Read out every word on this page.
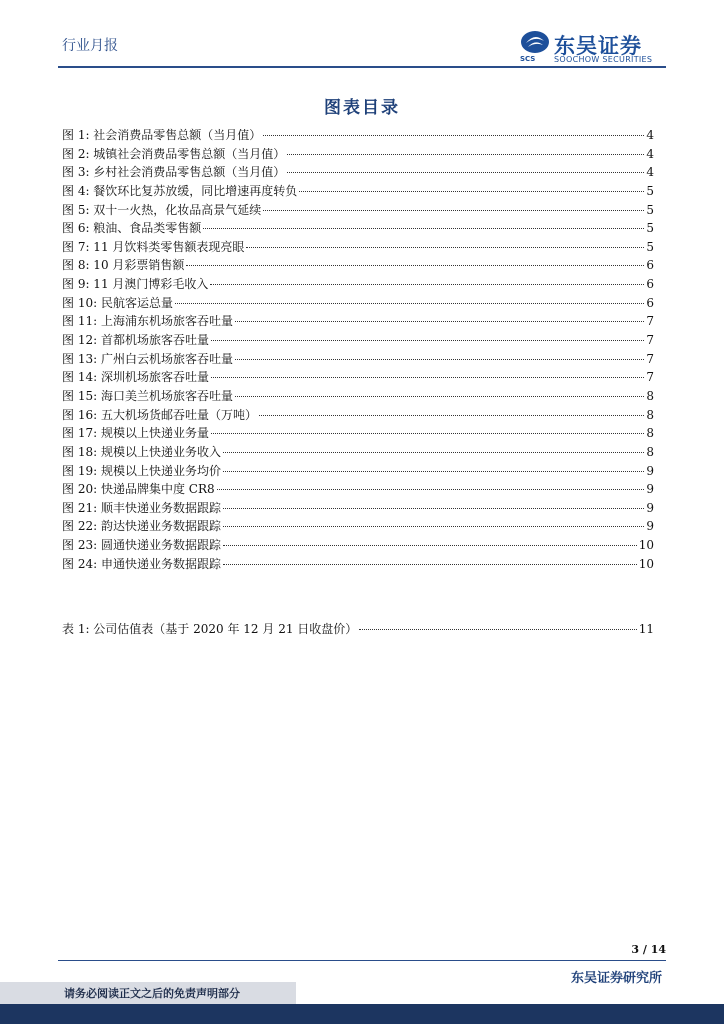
行业月报
SCS
东吴证券
SOOCHOW SECURITIES
图表目录
图 1: 社会消费品零售总额（当月值）	4
图 2: 城镇社会消费品零售总额（当月值）	4
图 3: 乡村社会消费品零售总额（当月值）	4
图 4: 餐饮环比复苏放缓，同比增速再度转负	5
图 5: 双十一火热，化妆品高景气延续	5
图 6: 粮油、食品类零售额	5
图 7: 11 月饮料类零售额表现亮眼	5
图 8: 10 月彩票销售额	6
图 9: 11 月澳门博彩毛收入	6
图 10: 民航客运总量	6
图 11: 上海浦东机场旅客吞吐量	7
图 12: 首都机场旅客吞吐量	7
图 13: 广州白云机场旅客吞吐量	7
图 14: 深圳机场旅客吞吐量	7
图 15: 海口美兰机场旅客吞吐量	8
图 16: 五大机场货邮吞吐量（万吨）	8
图 17: 规模以上快递业务量	8
图 18: 规模以上快递业务收入	8
图 19: 规模以上快递业务均价	9
图 20: 快递品牌集中度 CR8	9
图 21: 顺丰快递业务数据跟踪	9
图 22: 韵达快递业务数据跟踪	9
图 23: 圆通快递业务数据跟踪	10
图 24: 申通快递业务数据跟踪	10
表 1: 公司估值表（基于 2020 年 12 月 21 日收盘价）	11
3 / 14
东吴证券研究所
请务必阅读正文之后的免责声明部分
